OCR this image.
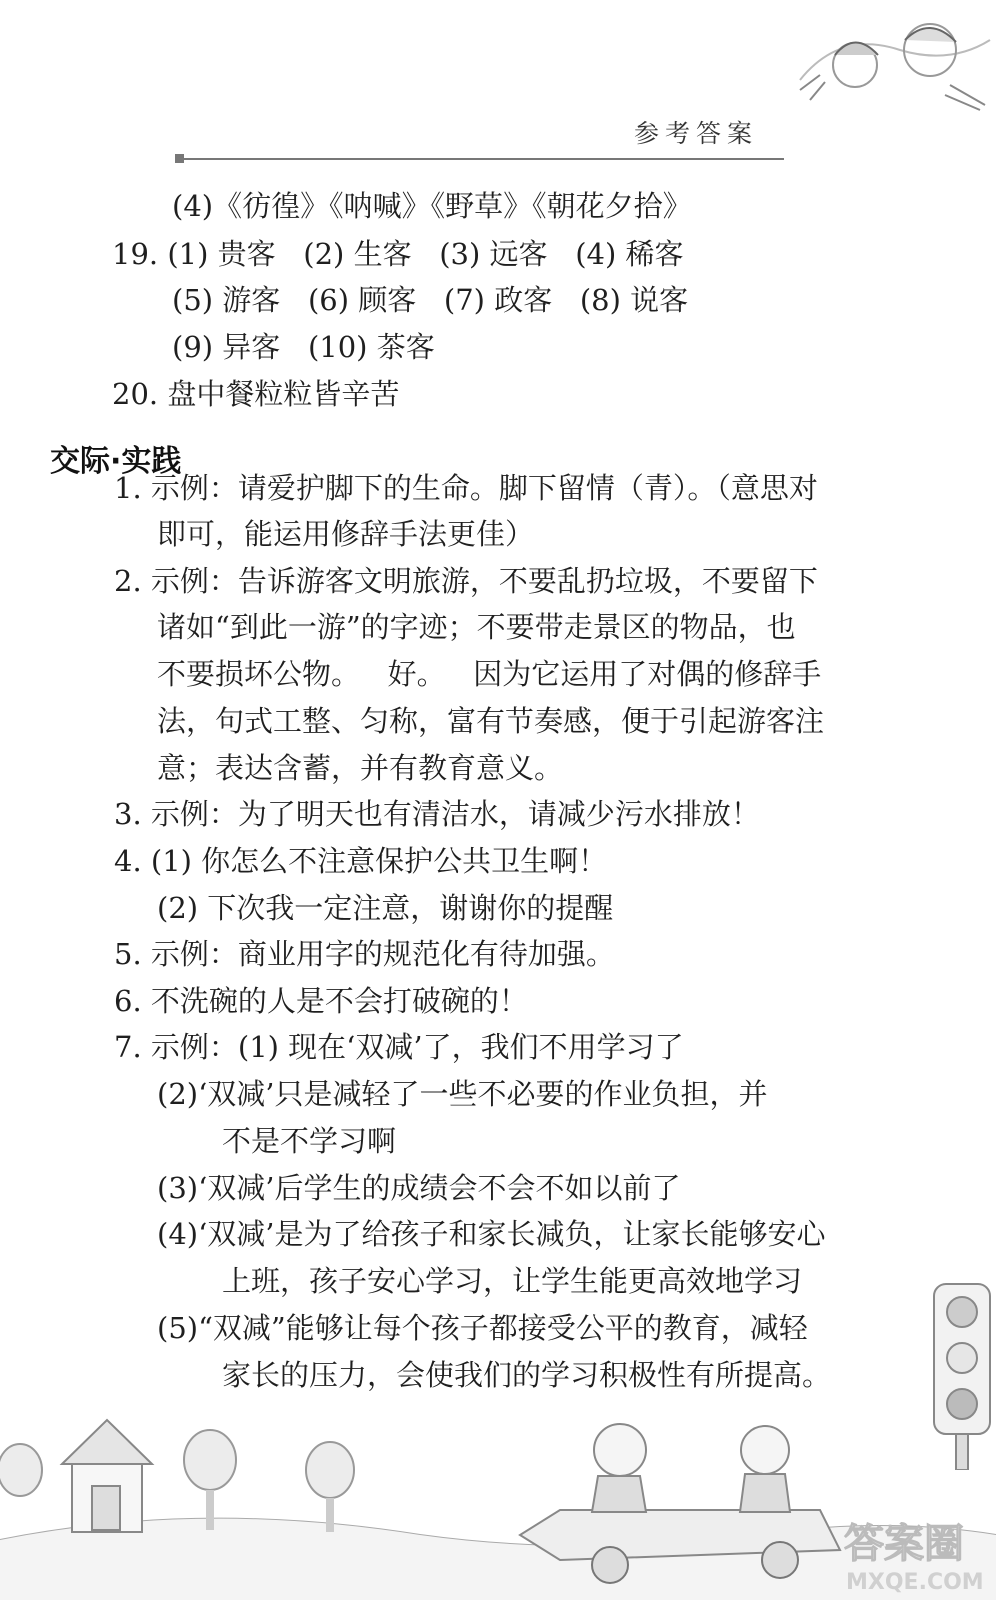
参考答案
(4)《彷徨》《呐喊》《野草》《朝花夕拾》
19. (1) 贵客   (2) 生客   (3) 远客   (4) 稀客
(5) 游客   (6) 顾客   (7) 政客   (8) 说客
(9) 异客   (10) 茶客
20. 盘中餐粒粒皆辛苦
交际·实践
1. 示例：请爱护脚下的生命。脚下留情（青）。（意思对
即可，能运用修辞手法更佳）
2. 示例：告诉游客文明旅游，不要乱扔垃圾，不要留下
诸如“到此一游”的字迹；不要带走景区的物品，也
不要损坏公物。   好。   因为它运用了对偶的修辞手
法，句式工整、匀称，富有节奏感，便于引起游客注
意；表达含蓄，并有教育意义。
3. 示例：为了明天也有清洁水，请减少污水排放！
4. (1) 你怎么不注意保护公共卫生啊！
(2) 下次我一定注意，谢谢你的提醒
5. 示例：商业用字的规范化有待加强。
6. 不洗碗的人是不会打破碗的！
7. 示例：(1) 现在‘双减’了，我们不用学习了
(2)‘双减’只是减轻了一些不必要的作业负担，并
不是不学习啊
(3)‘双减’后学生的成绩会不会不如以前了
(4)‘双减’是为了给孩子和家长减负，让家长能够安心
上班，孩子安心学习，让学生能更高效地学习
(5)“双减”能够让每个孩子都接受公平的教育，减轻
家长的压力，会使我们的学习积极性有所提高。
答案圈
MXQE.COM
